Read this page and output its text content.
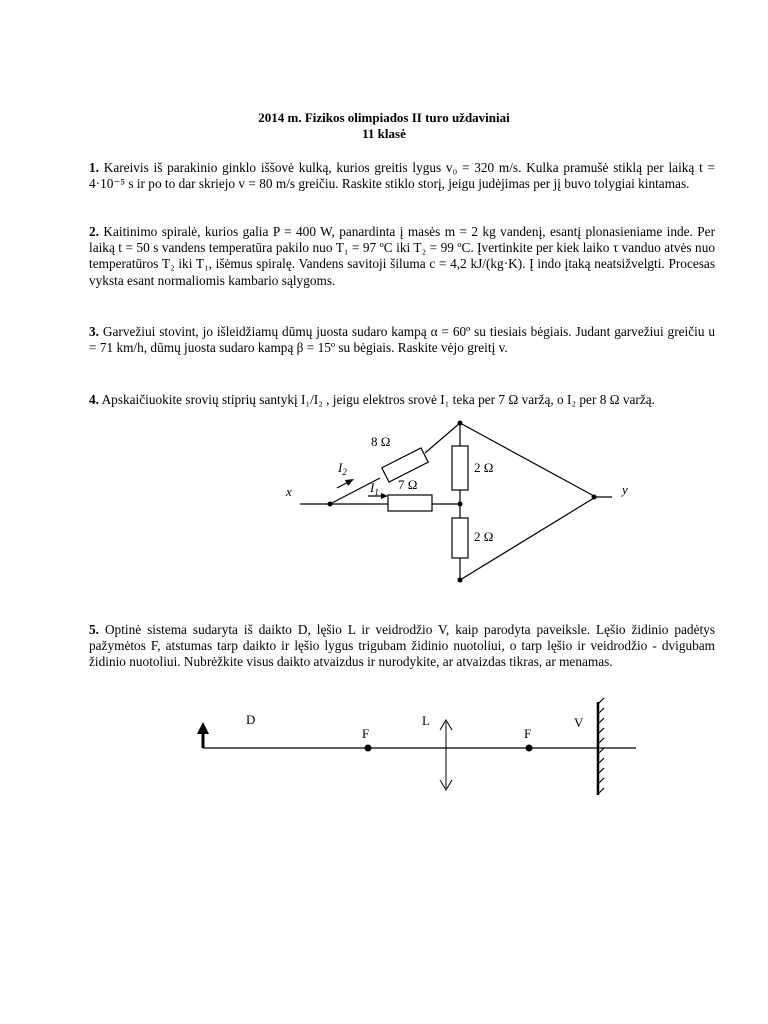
2014 m. Fizikos olimpiados II turo uždaviniai
11 klasė
1. Kareivis iš parakinio ginklo iššovė kulką, kurios greitis lygus v₀ = 320 m/s. Kulka pramušė stiklą per laiką t = 4·10⁻⁵ s ir po to dar skriejo v = 80 m/s greičiu. Raskite stiklo storį, jeigu judėjimas per jį buvo tolygiai kintamas.
2. Kaitinimo spiralė, kurios galia P = 400 W, panardinta į masės m = 2 kg vandenį, esantį plonasieniame inde. Per laiką t = 50 s vandens temperatūra pakilo nuo T₁ = 97 ºC iki T₂ = 99 ºC. Įvertinkite per kiek laiko τ vanduo atvės nuo temperatūros T₂ iki T₁, išėmus spiralę. Vandens savitoji šiluma c = 4,2 kJ/(kg·K). Į indo įtaką neatsižvelgti. Procesas vyksta esant normaliomis kambario sąlygoms.
3. Garvežiui stovint, jo išleidžiamų dūmų juosta sudaro kampą α = 60º su tiesiais bėgiais. Judant garvežiui greičiu u = 71 km/h, dūmų juosta sudaro kampą β = 15º su bėgiais. Raskite vėjo greitį v.
4. Apskaičiuokite srovių stiprių santykį I₁/I₂ , jeigu elektros srovė I₁ teka per 7 Ω varžą, o I₂ per 8 Ω varžą.
8 Ω
7 Ω
2 Ω
2 Ω
x	y
$I_2$
$I_1$
5. Optinė sistema sudaryta iš daikto D, lęšio L ir veidrodžio V, kaip parodyta paveiksle. Lęšio židinio padėtys pažymėtos F, atstumas tarp daikto ir lęšio lygus trigubam židinio nuotoliui, o tarp lęšio ir veidrodžio - dvigubam židinio nuotoliui. Nubrėžkite visus daikto atvaizdus ir nurodykite, ar atvaizdas tikras, ar menamas.
D
F
L
F
V
